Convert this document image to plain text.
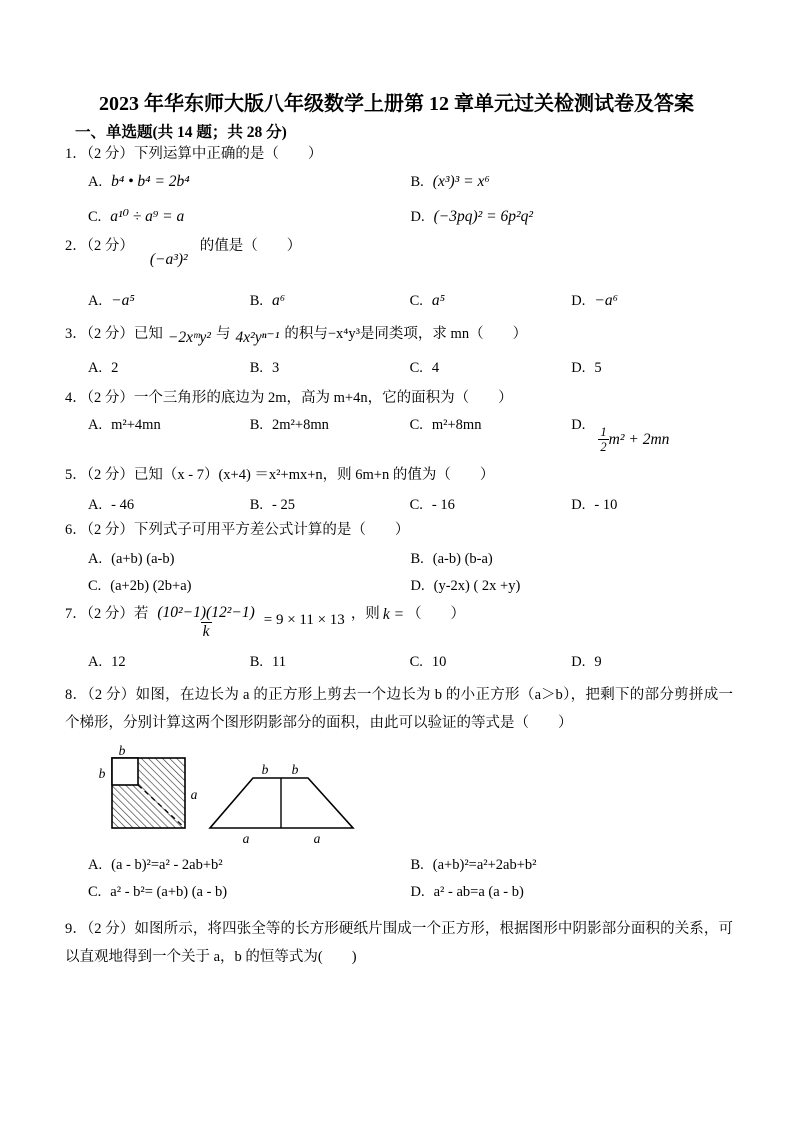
2023 年华东师大版八年级数学上册第 12 章单元过关检测试卷及答案
一、单选题(共 14 题；共 28 分)
1．（2 分）下列运算中正确的是（　　）
A. b⁴ • b⁴ = 2b⁴	B. (x³)³ = x⁶
C. a¹⁰ ÷ a⁹ = a	D. (−3pq)² = 6p²q²
2．（2 分）
(−a³)²
的值是（　　）
A. −a⁵	B. a⁶	C. a⁵	D. −a⁶
3．（2 分）已知 −2xᵐy² 与 4x²yⁿ⁻¹ 的积与−x⁴y³是同类项，求 mn（　　）
A. 2	B. 3	C. 4	D. 5
4．（2 分）一个三角形的底边为 2m，高为 m+4n，它的面积为（　　）
A. m²+4mn	B. 2m²+8mn	C. m²+8mn	D. $\frac{1}{2} m^2 + 2mn$
5．（2 分）已知（x - 7）(x+4) ＝x²+mx+n，则 6m+n 的值为（　　）
A. - 46	B. - 25	C. - 16	D. - 10
6．（2 分）下列式子可用平方差公式计算的是（　　）
A. (a+b) (a-b)	B. (a-b) (b-a)
C. (a+2b) (2b+a)	D. (y-2x) ( 2x +y)
7．（2 分）若 $\frac{\text{(10²−1)(12²−1)}}{k} = 9 \times 11 \times 13$ ，则 k = （　　）
A. 12	B. 11	C. 10	D. 9
8．（2 分）如图，在边长为 a 的正方形上剪去一个边长为 b 的小正方形（a＞b），把剩下的部分剪拼成一个梯形，分别计算这两个图形阴影部分的面积，由此可以验证的等式是（　　）
b
b
a
b b
a	a
A. (a - b)²=a² - 2ab+b²	B. (a+b)²=a²+2ab+b²
C. a² - b²= (a+b) (a - b)	D. a² - ab=a (a - b)
9．（2 分）如图所示，将四张全等的长方形硬纸片围成一个正方形，根据图形中阴影部分面积的关系，可以直观地得到一个关于 a，b 的恒等式为(　　)
